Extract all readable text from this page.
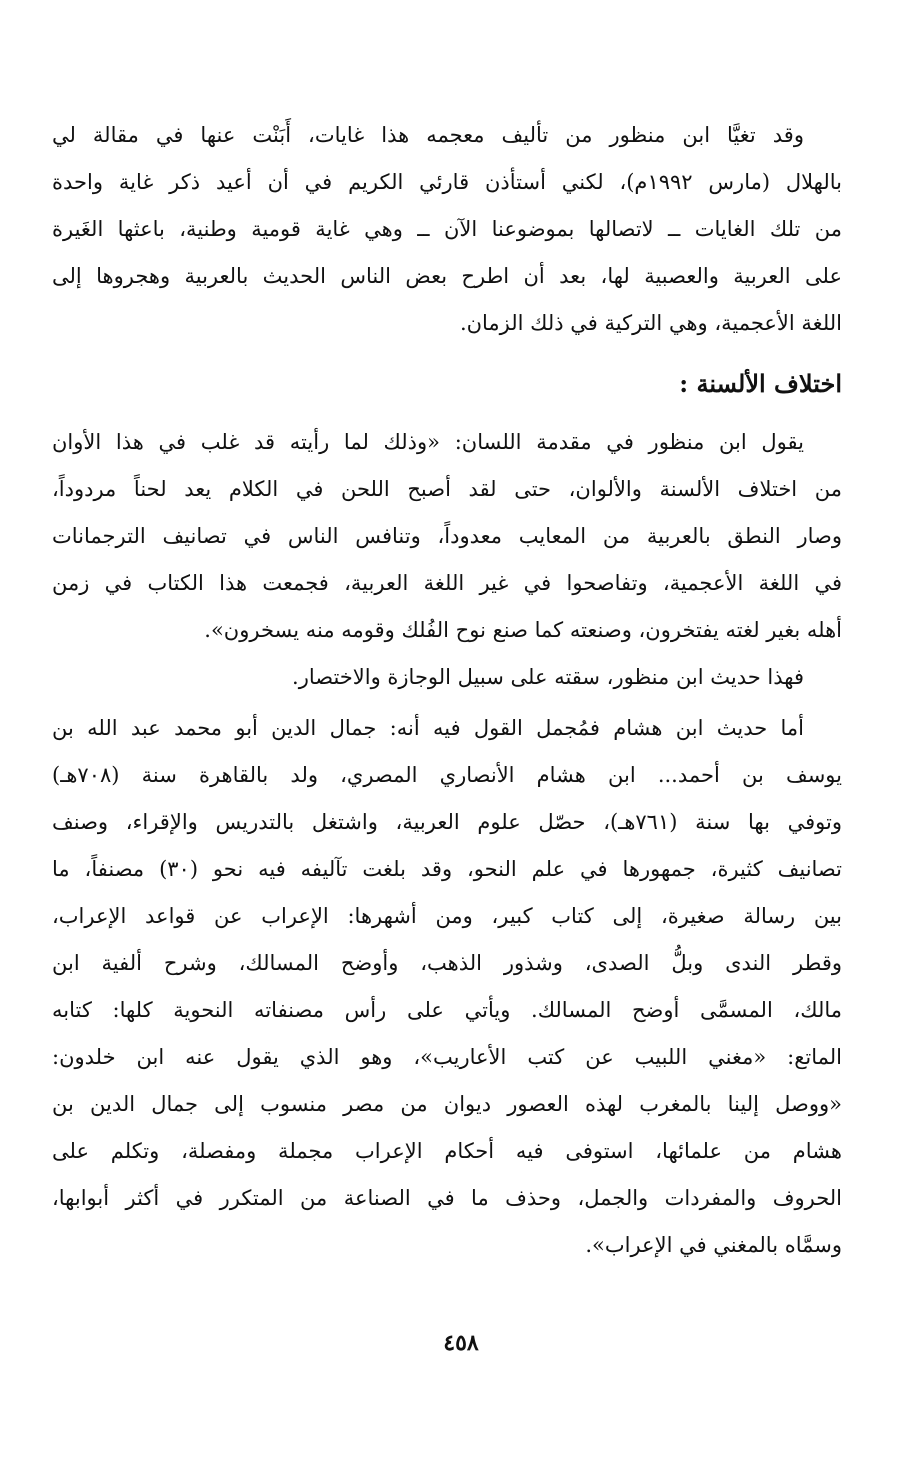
وقد تغيَّا ابن منظور من تأليف معجمه هذا غايات، أَبَنْت عنها في مقالة لي
بالهلال (مارس ١٩٩٢م)، لكني أستأذن قارئي الكريم في أن أعيد ذكر غاية واحدة
من تلك الغايات ــ لاتصالها بموضوعنا الآن ــ وهي غاية قومية وطنية، باعثها الغَيرة
على العربية والعصبية لها، بعد أن اطرح بعض الناس الحديث بالعربية وهجروها إلى
اللغة الأعجمية، وهي التركية في ذلك الزمان.
اختلاف الألسنة :
يقول ابن منظور في مقدمة اللسان: «وذلك لما رأيته قد غلب في هذا الأوان
من اختلاف الألسنة والألوان، حتى لقد أصبح اللحن في الكلام يعد لحناً مردوداً،
وصار النطق بالعربية من المعايب معدوداً، وتنافس الناس في تصانيف الترجمانات
في اللغة الأعجمية، وتفاصحوا في غير اللغة العربية، فجمعت هذا الكتاب في زمن
أهله بغير لغته يفتخرون، وصنعته كما صنع نوح الفُلك وقومه منه يسخرون».
فهذا حديث ابن منظور، سقته على سبيل الوجازة والاختصار.
أما حديث ابن هشام فمُجمل القول فيه أنه: جمال الدين أبو محمد عبد الله بن
يوسف بن أحمد... ابن هشام الأنصاري المصري، ولد بالقاهرة سنة (٧٠٨هـ)
وتوفي بها سنة (٧٦١هـ)، حصّل علوم العربية، واشتغل بالتدريس والإقراء، وصنف
تصانيف كثيرة، جمهورها في علم النحو، وقد بلغت تآليفه فيه نحو (٣٠) مصنفاً، ما
بين رسالة صغيرة، إلى كتاب كبير، ومن أشهرها: الإعراب عن قواعد الإعراب،
وقطر الندى وبلُّ الصدى، وشذور الذهب، وأوضح المسالك، وشرح ألفية ابن
مالك، المسمَّى أوضح المسالك. ويأتي على رأس مصنفاته النحوية كلها: كتابه
الماتع: «مغني اللبيب عن كتب الأعاريب»، وهو الذي يقول عنه ابن خلدون:
«ووصل إلينا بالمغرب لهذه العصور ديوان من مصر منسوب إلى جمال الدين بن
هشام من علمائها، استوفى فيه أحكام الإعراب مجملة ومفصلة، وتكلم على
الحروف والمفردات والجمل، وحذف ما في الصناعة من المتكرر في أكثر أبوابها،
وسمَّاه بالمغني في الإعراب».
٤٥٨
